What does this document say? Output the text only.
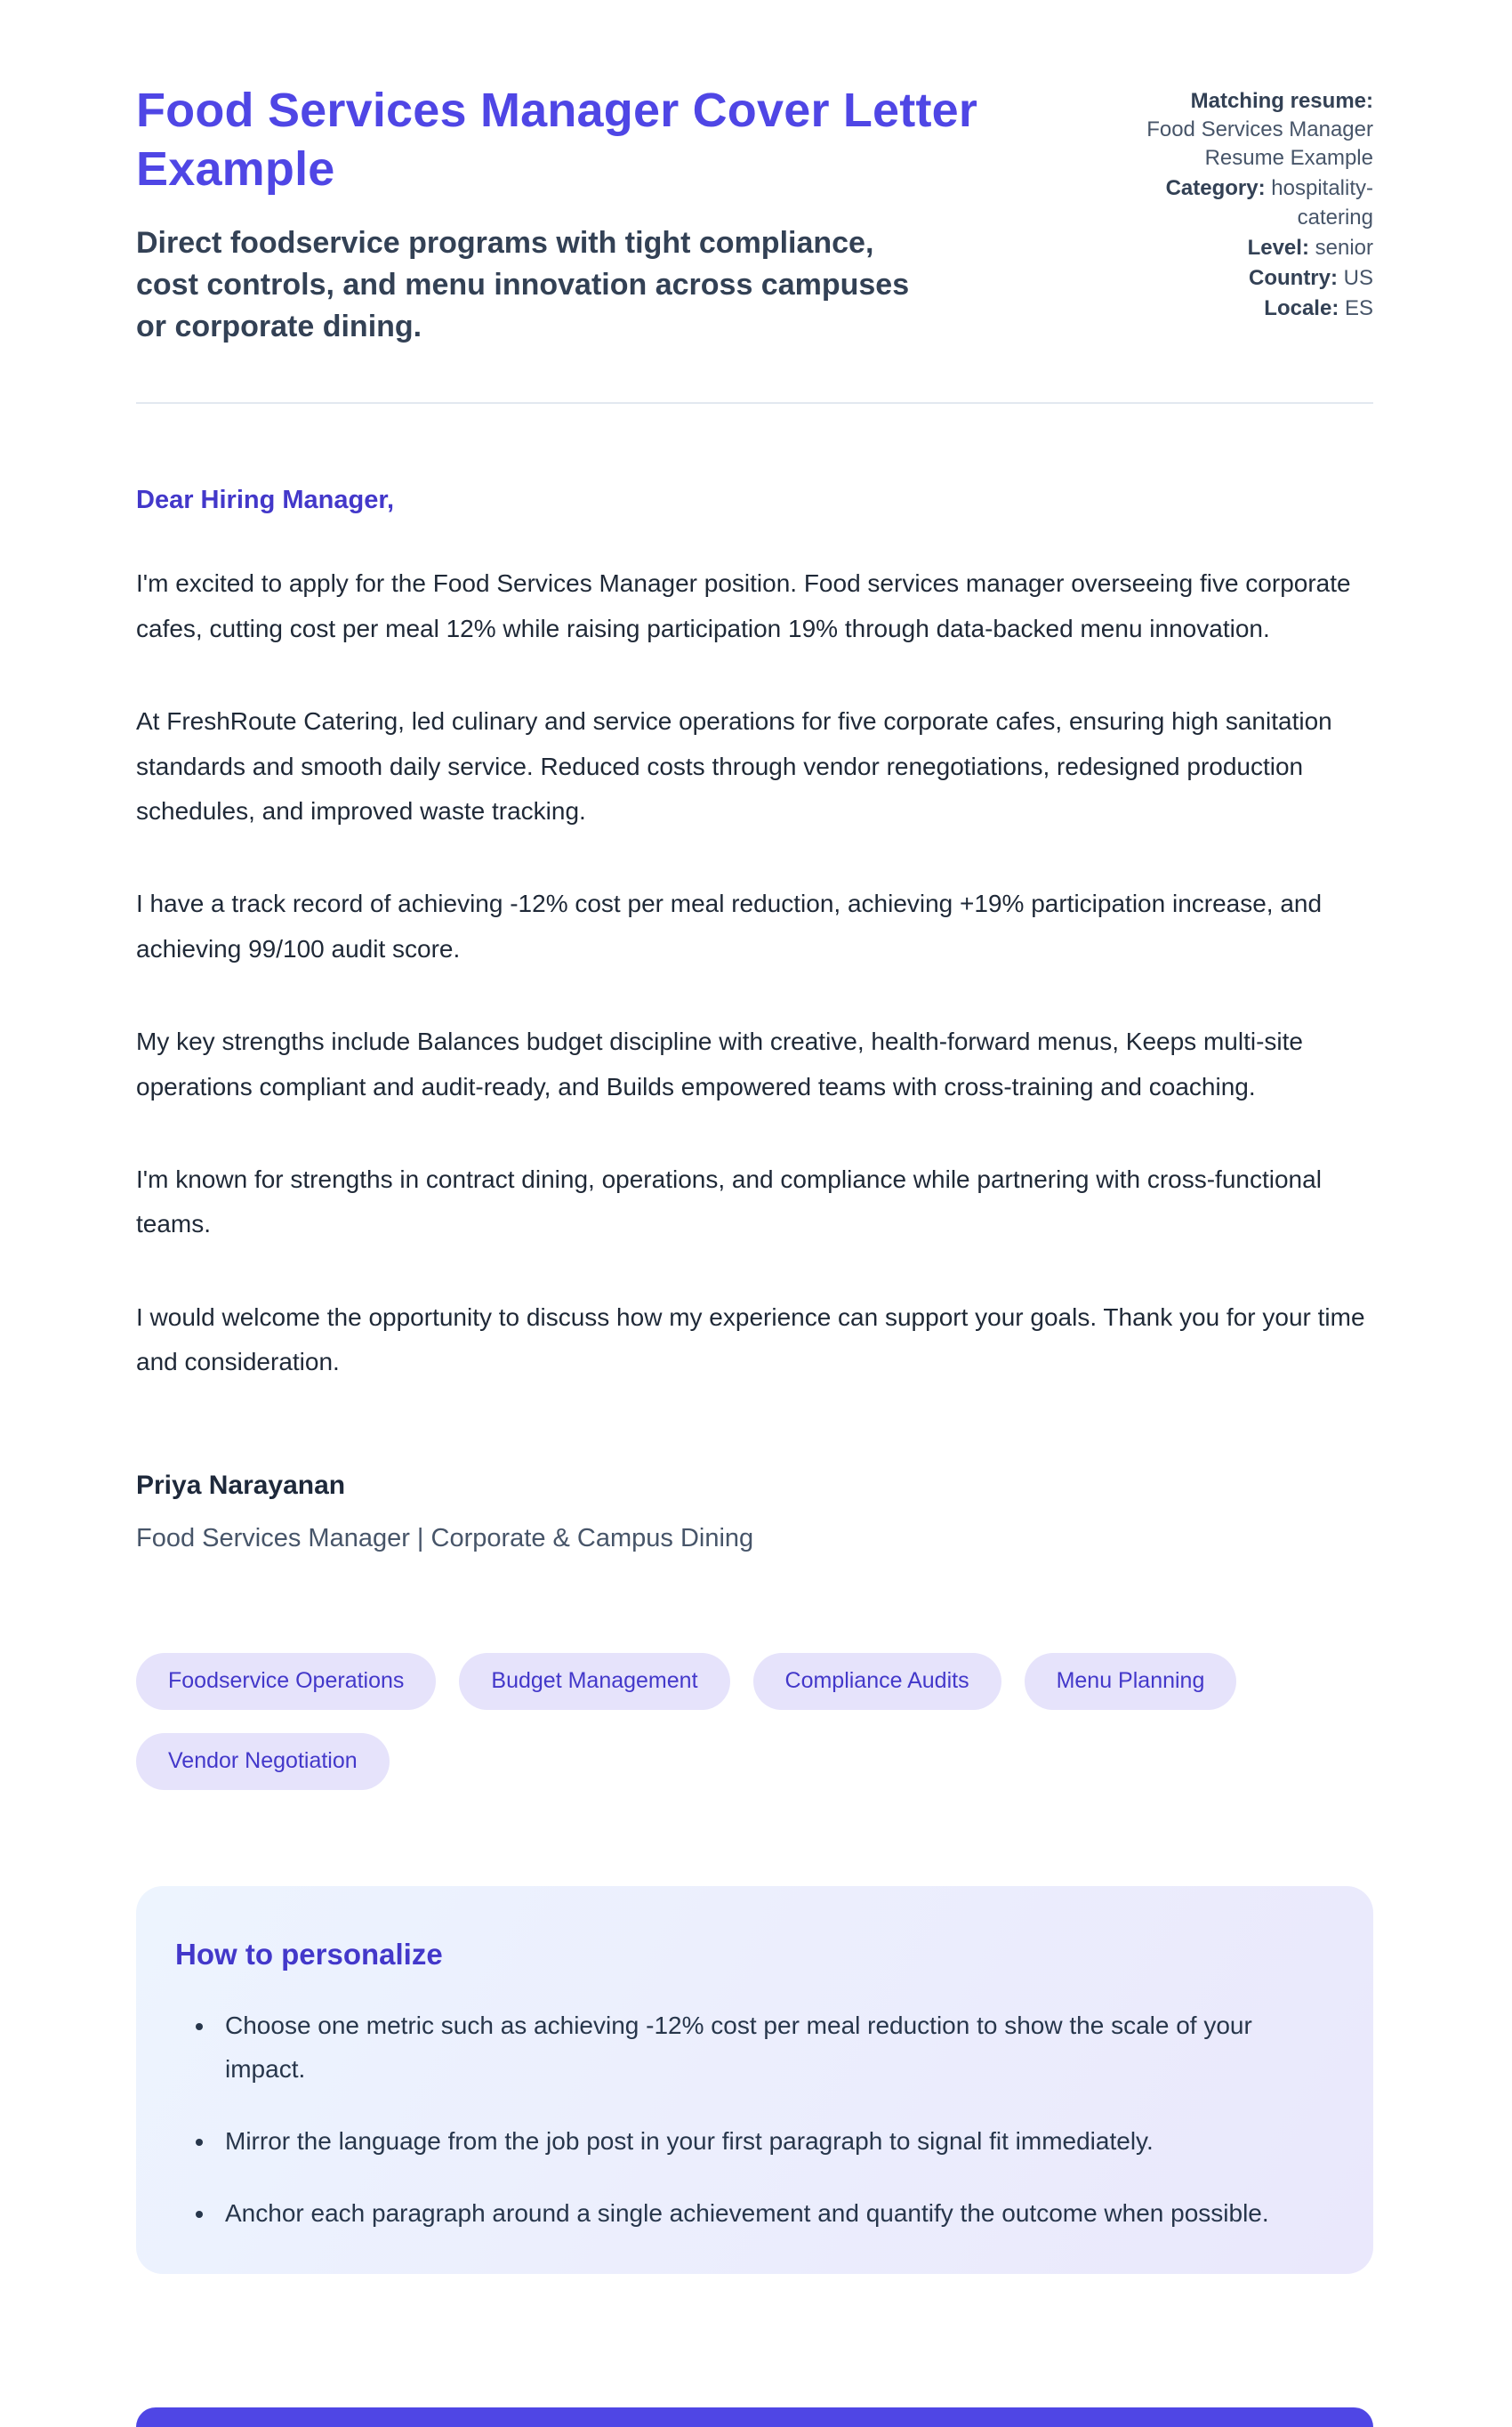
Food Services Manager Cover Letter Example
Direct foodservice programs with tight compliance, cost controls, and menu innovation across campuses or corporate dining.
Matching resume:
Food Services Manager Resume Example
Category: hospitality-catering
Level: senior
Country: US
Locale: ES
Dear Hiring Manager,

I'm excited to apply for the Food Services Manager position. Food services manager overseeing five corporate cafes, cutting cost per meal 12% while raising participation 19% through data-backed menu innovation.

At FreshRoute Catering, led culinary and service operations for five corporate cafes, ensuring high sanitation standards and smooth daily service. Reduced costs through vendor renegotiations, redesigned production schedules, and improved waste tracking.

I have a track record of achieving -12% cost per meal reduction, achieving +19% participation increase, and achieving 99/100 audit score.

My key strengths include Balances budget discipline with creative, health-forward menus, Keeps multi-site operations compliant and audit-ready, and Builds empowered teams with cross-training and coaching.

I'm known for strengths in contract dining, operations, and compliance while partnering with cross-functional teams.

I would welcome the opportunity to discuss how my experience can support your goals. Thank you for your time and consideration.

Priya Narayanan
Food Services Manager | Corporate & Campus Dining
Foodservice Operations	Budget Management	Compliance Audits	Menu Planning
Vendor Negotiation
How to personalize
• Choose one metric such as achieving -12% cost per meal reduction to show the scale of your impact.
• Mirror the language from the job post in your first paragraph to signal fit immediately.
• Anchor each paragraph around a single achievement and quantify the outcome when possible.
